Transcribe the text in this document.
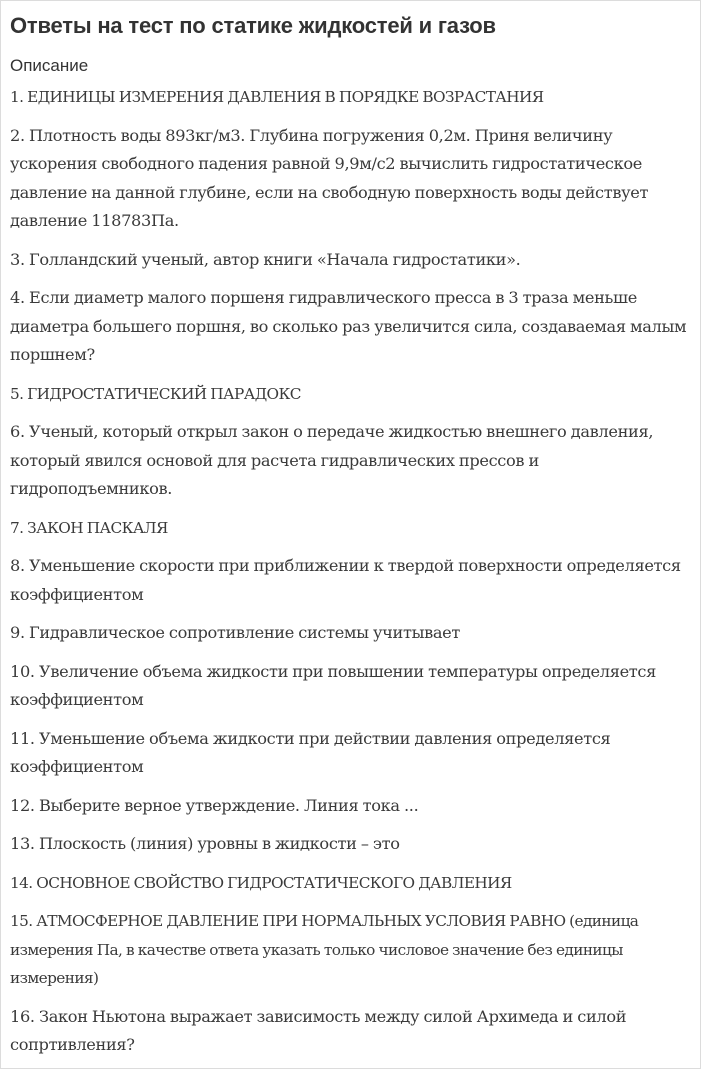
Ответы на тест по статике жидкостей и газов
Описание
1. ЕДИНИЦЫ ИЗМЕРЕНИЯ ДАВЛЕНИЯ В ПОРЯДКЕ ВОЗРАСТАНИЯ
2. Плотность воды 893кг/м3. Глубина погружения 0,2м. Приня величину ускорения свободного падения равной 9,9м/с2 вычислить гидростатическое давление на данной глубине, если на свободную поверхность воды действует давление 118783Па.
3. Голландский ученый, автор книги «Начала гидростатики».
4. Если диаметр малого поршеня гидравлического пресса в 3 траза меньше диаметра большего поршня, во сколько раз увеличится сила, создаваемая малым поршнем?
5. ГИДРОСТАТИЧЕСКИЙ ПАРАДОКС
6. Ученый, который открыл закон о передаче жидкостью внешнего давления, который явился основой для расчета гидравлических прессов и гидроподъемников.
7. ЗАКОН ПАСКАЛЯ
8. Уменьшение скорости при приближении к твердой поверхности определяется коэффициентом
9. Гидравлическое сопротивление системы учитывает
10. Увеличение объема жидкости при повышении температуры определяется коэффициентом
11. Уменьшение объема жидкости при действии давления определяется коэффициентом
12. Выберите верное утверждение. Линия тока ...
13. Плоскость (линия) уровны в жидкости – это
14. ОСНОВНОЕ СВОЙСТВО ГИДРОСТАТИЧЕСКОГО ДАВЛЕНИЯ
15. АТМОСФЕРНОЕ ДАВЛЕНИЕ ПРИ НОРМАЛЬНЫХ УСЛОВИЯ РАВНО (единица измерения Па, в качестве ответа указать только числовое значение без единицы измерения)
16. Закон Ньютона выражает зависимость между силой Архимеда и силой сопртивления?
